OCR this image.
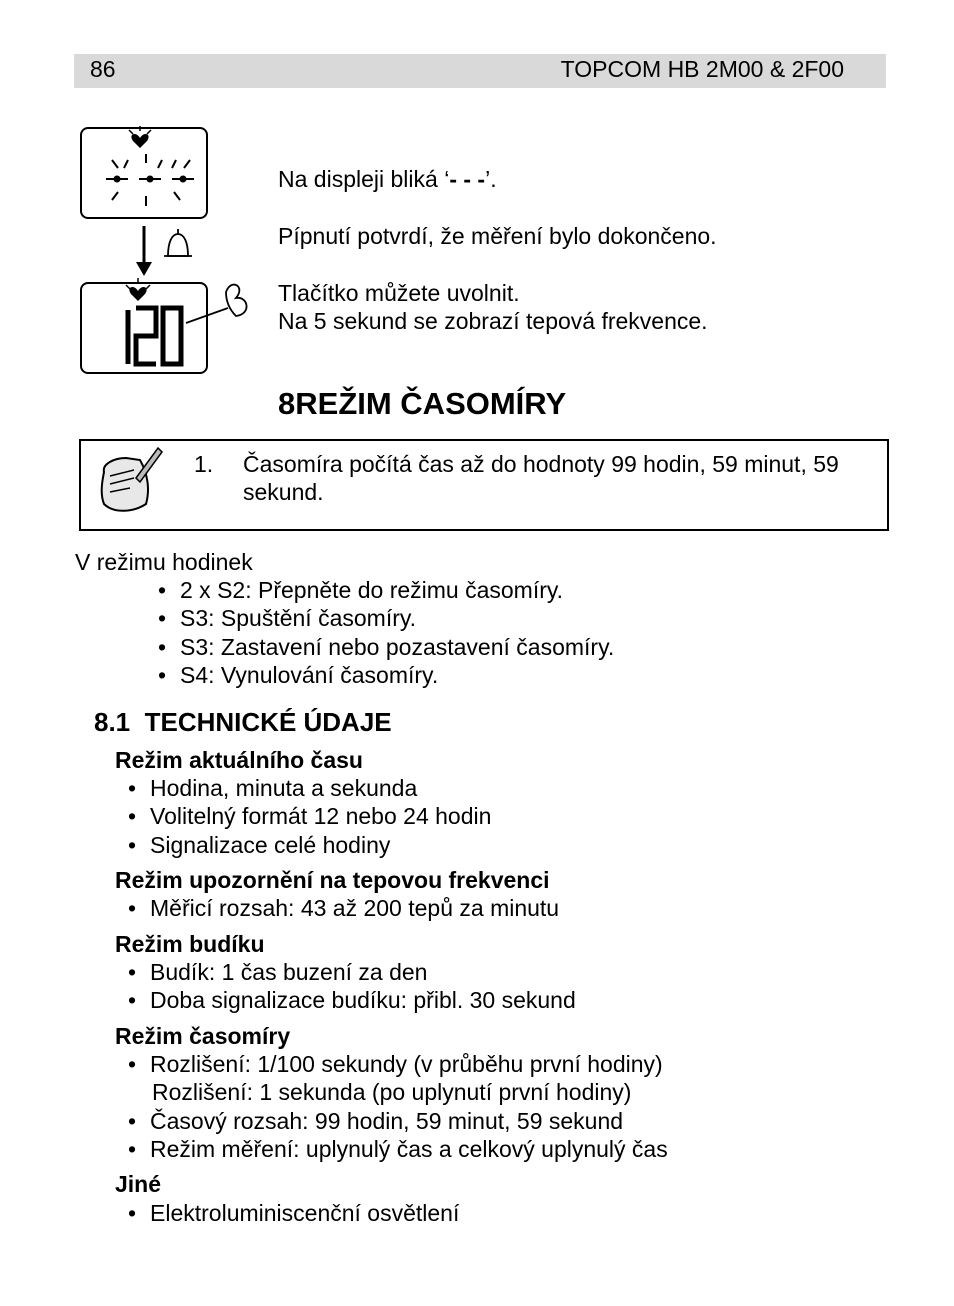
86	TOPCOM HB 2M00 & 2F00
Na displeji bliká ‘- - -’.
Pípnutí potvrdí, že měření bylo dokončeno.
Tlačítko můžete uvolnit.
Na 5 sekund se zobrazí tepová frekvence.
8REŽIM ČASOMÍRY
1. Časomíra počítá čas až do hodnoty 99 hodin, 59 minut, 59
sekund.
V režimu hodinek
• 2 x S2: Přepněte do režimu časomíry.
• S3: Spuštění časomíry.
• S3: Zastavení nebo pozastavení časomíry.
• S4: Vynulování časomíry.
8.1 TECHNICKÉ ÚDAJE
Režim aktuálního času
• Hodina, minuta a sekunda
• Volitelný formát 12 nebo 24 hodin
• Signalizace celé hodiny
Režim upozornění na tepovou frekvenci
• Měřicí rozsah: 43 až 200 tepů za minutu
Režim budíku
• Budík: 1 čas buzení za den
• Doba signalizace budíku: přibl. 30 sekund
Režim časomíry
• Rozlišení: 1/100 sekundy (v průběhu první hodiny)
Rozlišení: 1 sekunda (po uplynutí první hodiny)
• Časový rozsah: 99 hodin, 59 minut, 59 sekund
• Režim měření: uplynulý čas a celkový uplynulý čas
Jiné
• Elektroluminiscenční osvětlení
